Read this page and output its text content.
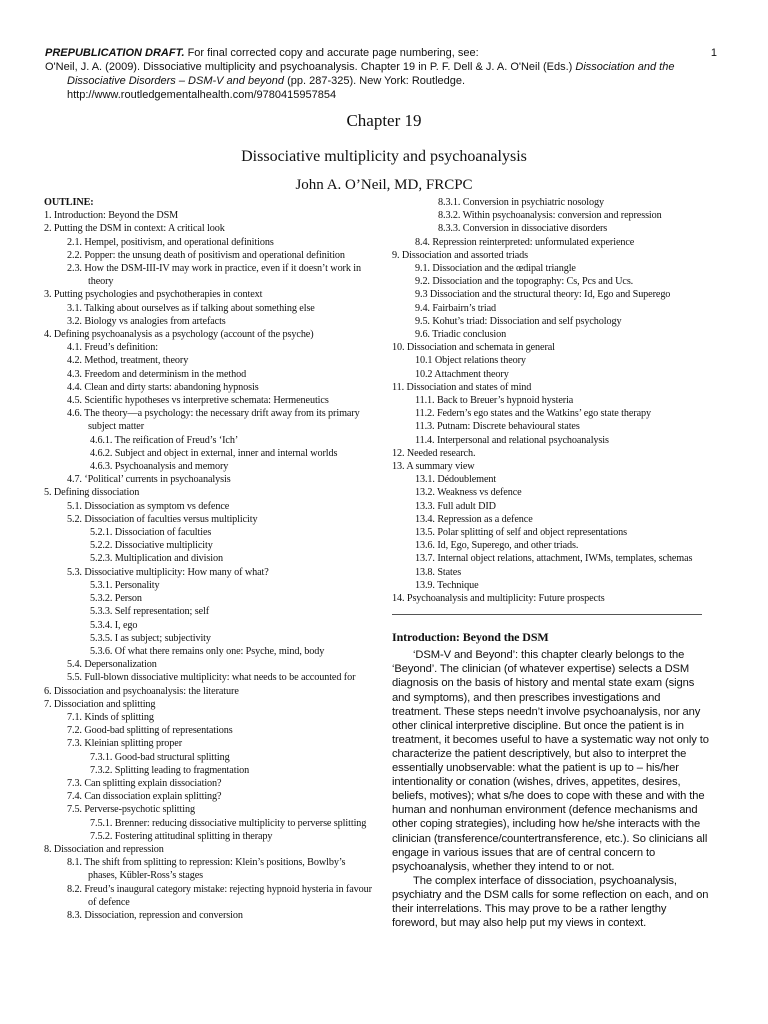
PREPUBLICATION DRAFT. For final corrected copy and accurate page numbering, see:	1
O'Neil, J. A. (2009). Dissociative multiplicity and psychoanalysis. Chapter 19 in P. F. Dell & J. A. O'Neil (Eds.) Dissociation and the
Dissociative Disorders – DSM-V and beyond (pp. 287-325). New York: Routledge.
http://www.routledgementalhealth.com/9780415957854
Chapter 19
Dissociative multiplicity and psychoanalysis
John A. O’Neil, MD, FRCPC
OUTLINE:
1. Introduction: Beyond the DSM
2. Putting the DSM in context: A critical look
2.1. Hempel, positivism, and operational definitions
2.2. Popper: the unsung death of positivism and operational definition
2.3. How the DSM-III-IV may work in practice, even if it doesn’t work in theory
3. Putting psychologies and psychotherapies in context
3.1. Talking about ourselves as if talking about something else
3.2. Biology vs analogies from artefacts
4. Defining psychoanalysis as a psychology (account of the psyche)
4.1. Freud’s definition:
4.2. Method, treatment, theory
4.3. Freedom and determinism in the method
4.4. Clean and dirty starts: abandoning hypnosis
4.5. Scientific hypotheses vs interpretive schemata: Hermeneutics
4.6. The theory—a psychology: the necessary drift away from its primary subject matter
4.6.1. The reification of Freud’s ‘Ich’
4.6.2. Subject and object in external, inner and internal worlds
4.6.3. Psychoanalysis and memory
4.7. ‘Political’ currents in psychoanalysis
5. Defining dissociation
5.1. Dissociation as symptom vs defence
5.2. Dissociation of faculties versus multiplicity
5.2.1. Dissociation of faculties
5.2.2. Dissociative multiplicity
5.2.3. Multiplication and division
5.3. Dissociative multiplicity: How many of what?
5.3.1. Personality
5.3.2. Person
5.3.3. Self representation; self
5.3.4. I, ego
5.3.5. I as subject; subjectivity
5.3.6. Of what there remains only one: Psyche, mind, body
5.4. Depersonalization
5.5. Full-blown dissociative multiplicity: what needs to be accounted for
6. Dissociation and psychoanalysis: the literature
7. Dissociation and splitting
7.1. Kinds of splitting
7.2. Good-bad splitting of representations
7.3. Kleinian splitting proper
7.3.1. Good-bad structural splitting
7.3.2. Splitting leading to fragmentation
7.3. Can splitting explain dissociation?
7.4. Can dissociation explain splitting?
7.5. Perverse-psychotic splitting
7.5.1. Brenner: reducing dissociative multiplicity to perverse splitting
7.5.2. Fostering attitudinal splitting in therapy
8. Dissociation and repression
8.1. The shift from splitting to repression: Klein’s positions, Bowlby’s phases, Kübler-Ross’s stages
8.2. Freud’s inaugural category mistake: rejecting hypnoid hysteria in favour of defence
8.3. Dissociation, repression and conversion
8.3.1. Conversion in psychiatric nosology
8.3.2. Within psychoanalysis: conversion and repression
8.3.3. Conversion in dissociative disorders
8.4. Repression reinterpreted: unformulated experience
9. Dissociation and assorted triads
9.1. Dissociation and the œdipal triangle
9.2. Dissociation and the topography: Cs, Pcs and Ucs.
9.3 Dissociation and the structural theory: Id, Ego and Superego
9.4. Fairbairn’s triad
9.5. Kohut’s triad: Dissociation and self psychology
9.6. Triadic conclusion
10. Dissociation and schemata in general
10.1 Object relations theory
10.2 Attachment theory
11. Dissociation and states of mind
11.1. Back to Breuer’s hypnoid hysteria
11.2. Federn’s ego states and the Watkins’ ego state therapy
11.3. Putnam: Discrete behavioural states
11.4. Interpersonal and relational psychoanalysis
12. Needed research.
13. A summary view
13.1. Dédoublement
13.2. Weakness vs defence
13.3. Full adult DID
13.4. Repression as a defence
13.5. Polar splitting of self and object representations
13.6. Id, Ego, Superego, and other triads.
13.7. Internal object relations, attachment, IWMs, templates, schemas
13.8. States
13.9. Technique
14. Psychoanalysis and multiplicity: Future prospects
Introduction: Beyond the DSM

‘DSM-V and Beyond’: this chapter clearly belongs to the ‘Beyond’. The clinician (of whatever expertise) selects a DSM diagnosis on the basis of history and mental state exam (signs and symptoms), and then prescribes investigations and treatment. These steps needn’t involve psychoanalysis, nor any other clinical interpretive discipline. But once the patient is in treatment, it becomes useful to have a systematic way not only to characterize the patient descriptively, but also to interpret the essentially unobservable: what the patient is up to – his/her intentionality or conation (wishes, drives, appetites, desires, beliefs, motives); what s/he does to cope with these and with the human and nonhuman environment (defence mechanisms and other coping strategies), including how he/she interacts with the clinician (transference/countertransference, etc.). So clinicians all engage in various issues that are of central concern to psychoanalysis, whether they intend to or not.

The complex interface of dissociation, psychoanalysis, psychiatry and the DSM calls for some reflection on each, and on their interrelations. This may prove to be a rather lengthy foreword, but may also help put my views in context.
